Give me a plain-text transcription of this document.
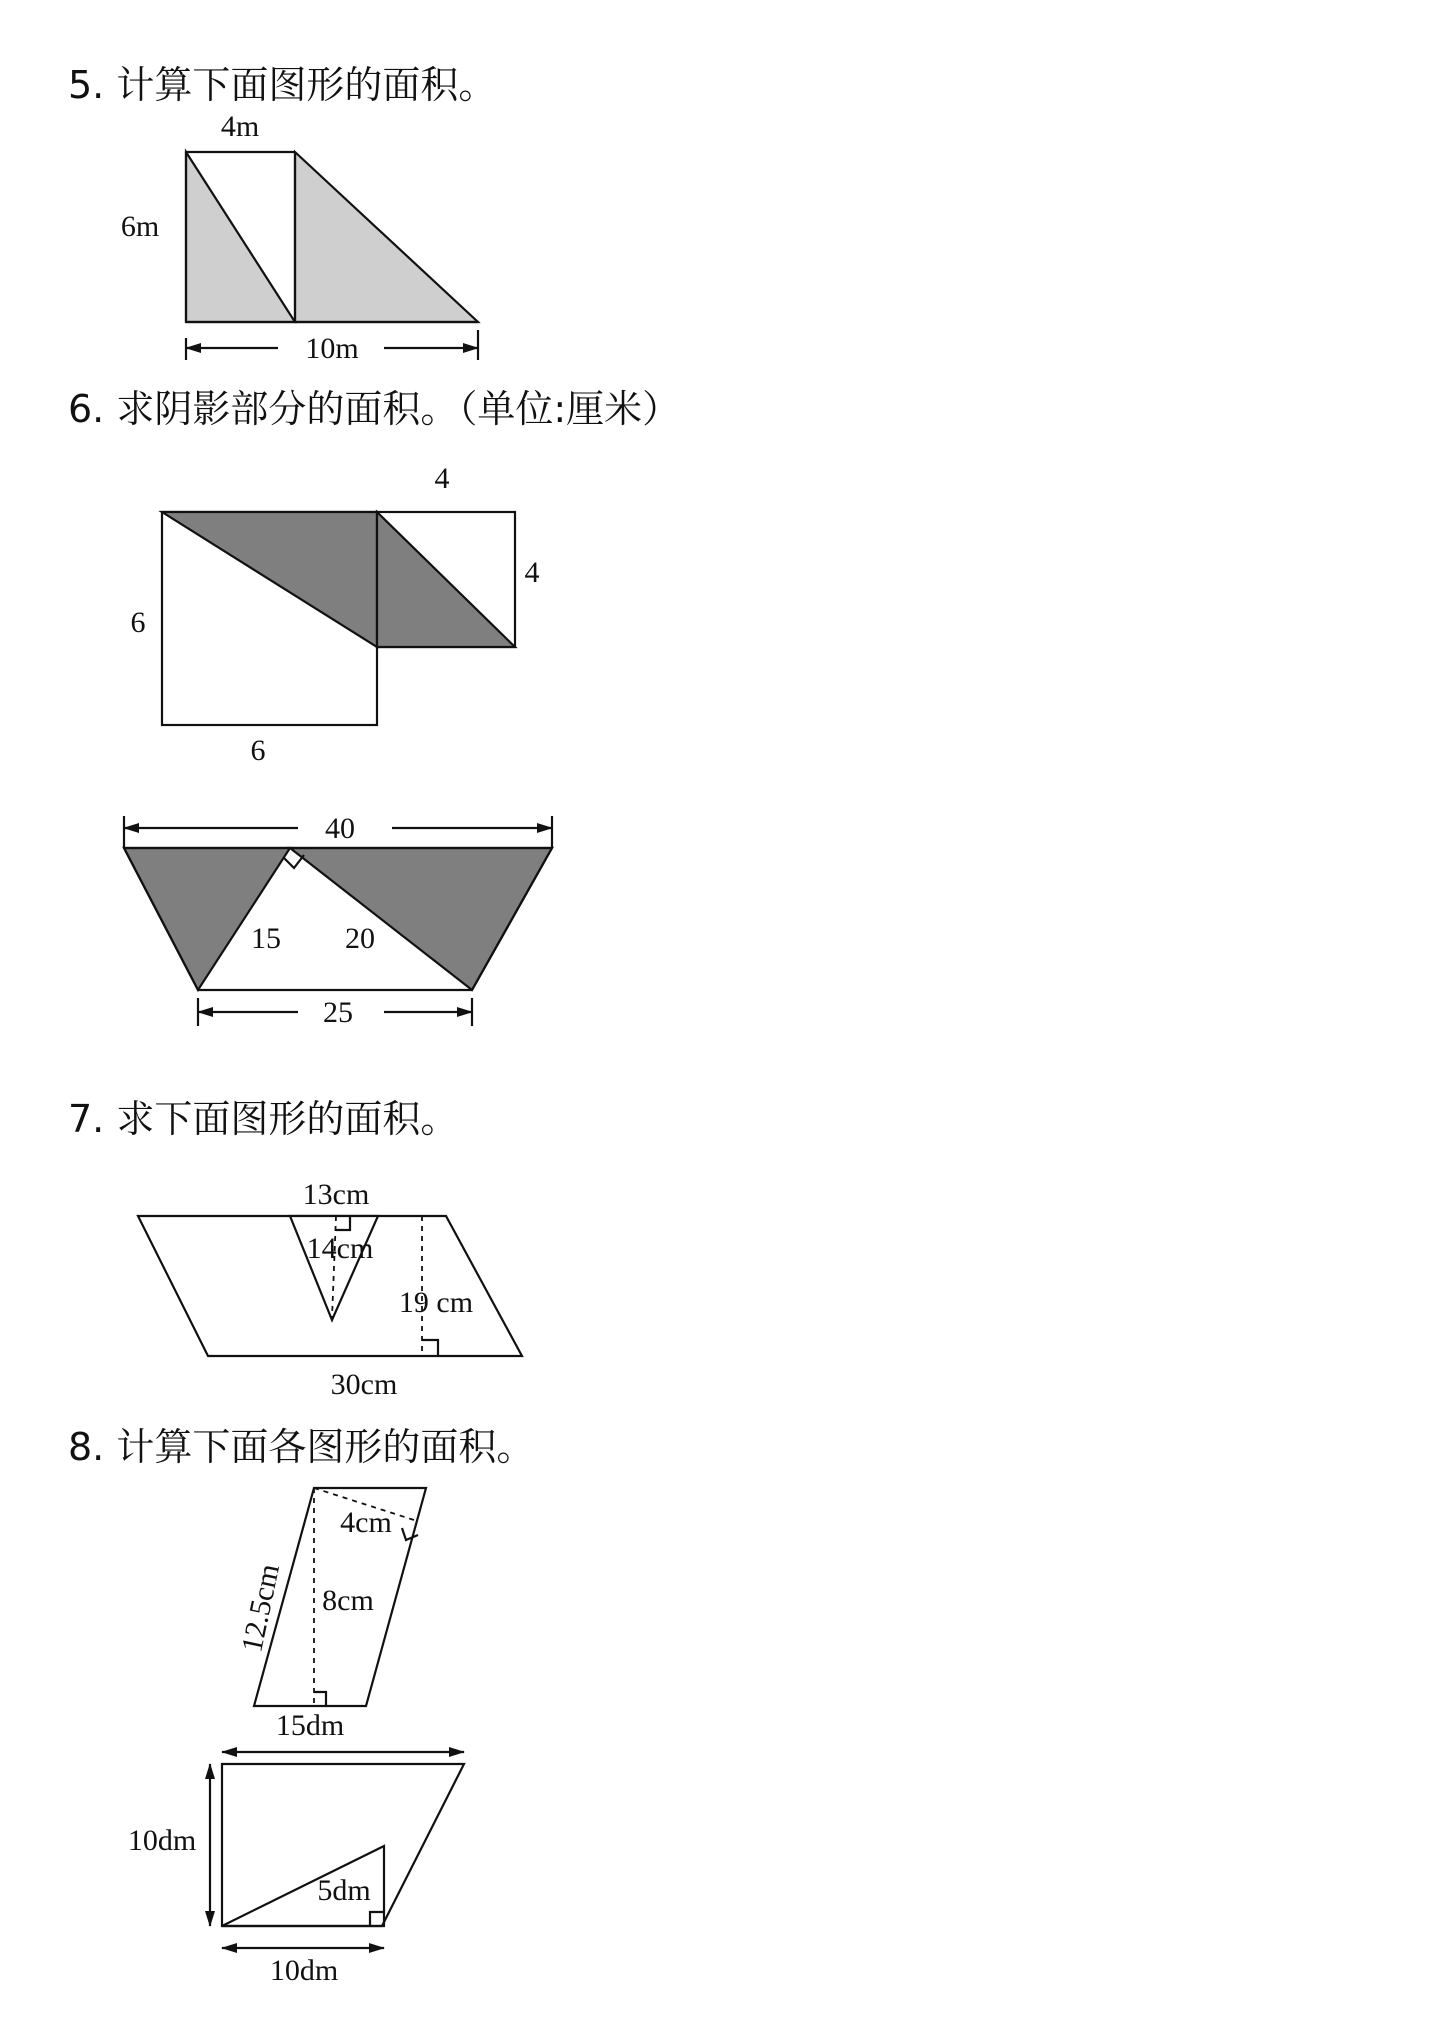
5. 计算下面图形的面积。
6. 求阴影部分的面积。（单位:厘米）
7. 求下面图形的面积。
8. 计算下面各图形的面积。
4m
6m
10m
4
4
6
6
40
15 20
25
13cm
14cm
19 cm
30cm
4cm
8cm
12.5cm
15dm
10dm
5dm
10dm
